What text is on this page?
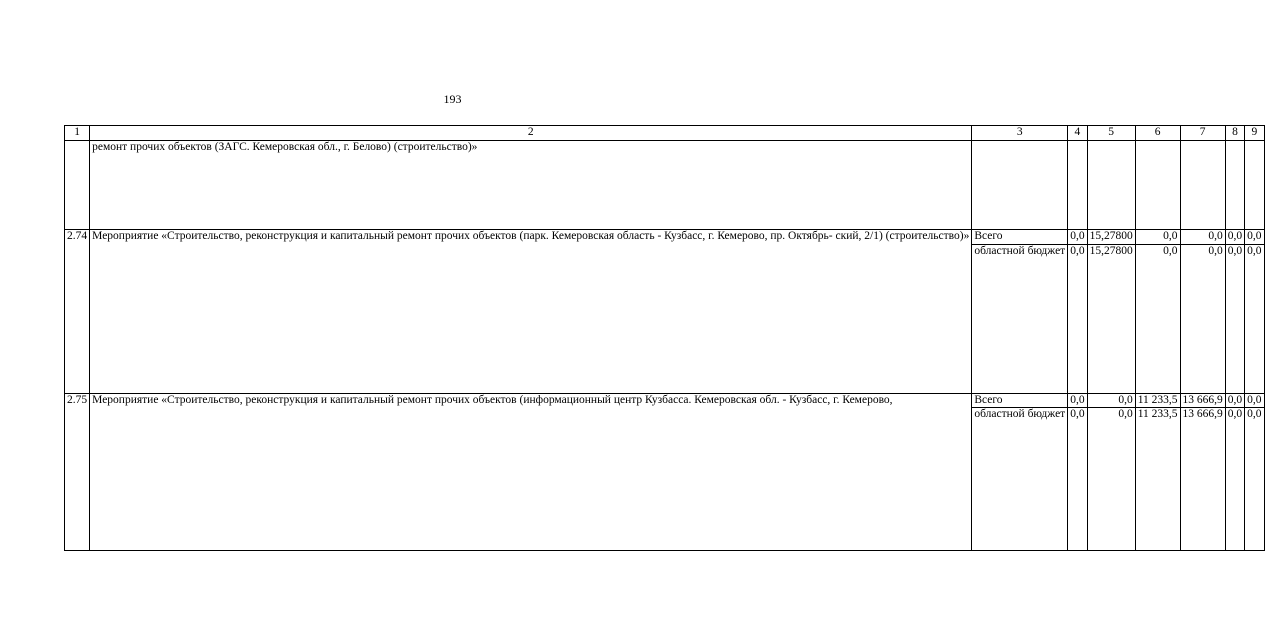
193
1	2	3	4	5	6	7	8	9
	ремонт прочих объектов (ЗАГС. Кемеровская обл., г. Белово) (строительство)»							
2.74	Мероприятие «Строительство, реконструкция и капитальный ремонт прочих объектов (парк. Кемеровская область - Кузбасс, г. Кемерово, пр. Октябрь- ский, 2/1) (строительство)»	Всего	0,0	15,27800	0,0	0,0	0,0	0,0
		областной бюджет	0,0	15,27800	0,0	0,0	0,0	0,0
2.75	Мероприятие «Строительство, реконструкция и капитальный ремонт прочих объектов (информационный центр Кузбасса. Кемеровская обл. - Кузбасс, г. Кемерово,	Всего	0,0	0,0	11 233,5	13 666,9	0,0	0,0
		областной бюджет	0,0	0,0	11 233,5	13 666,9	0,0	0,0
